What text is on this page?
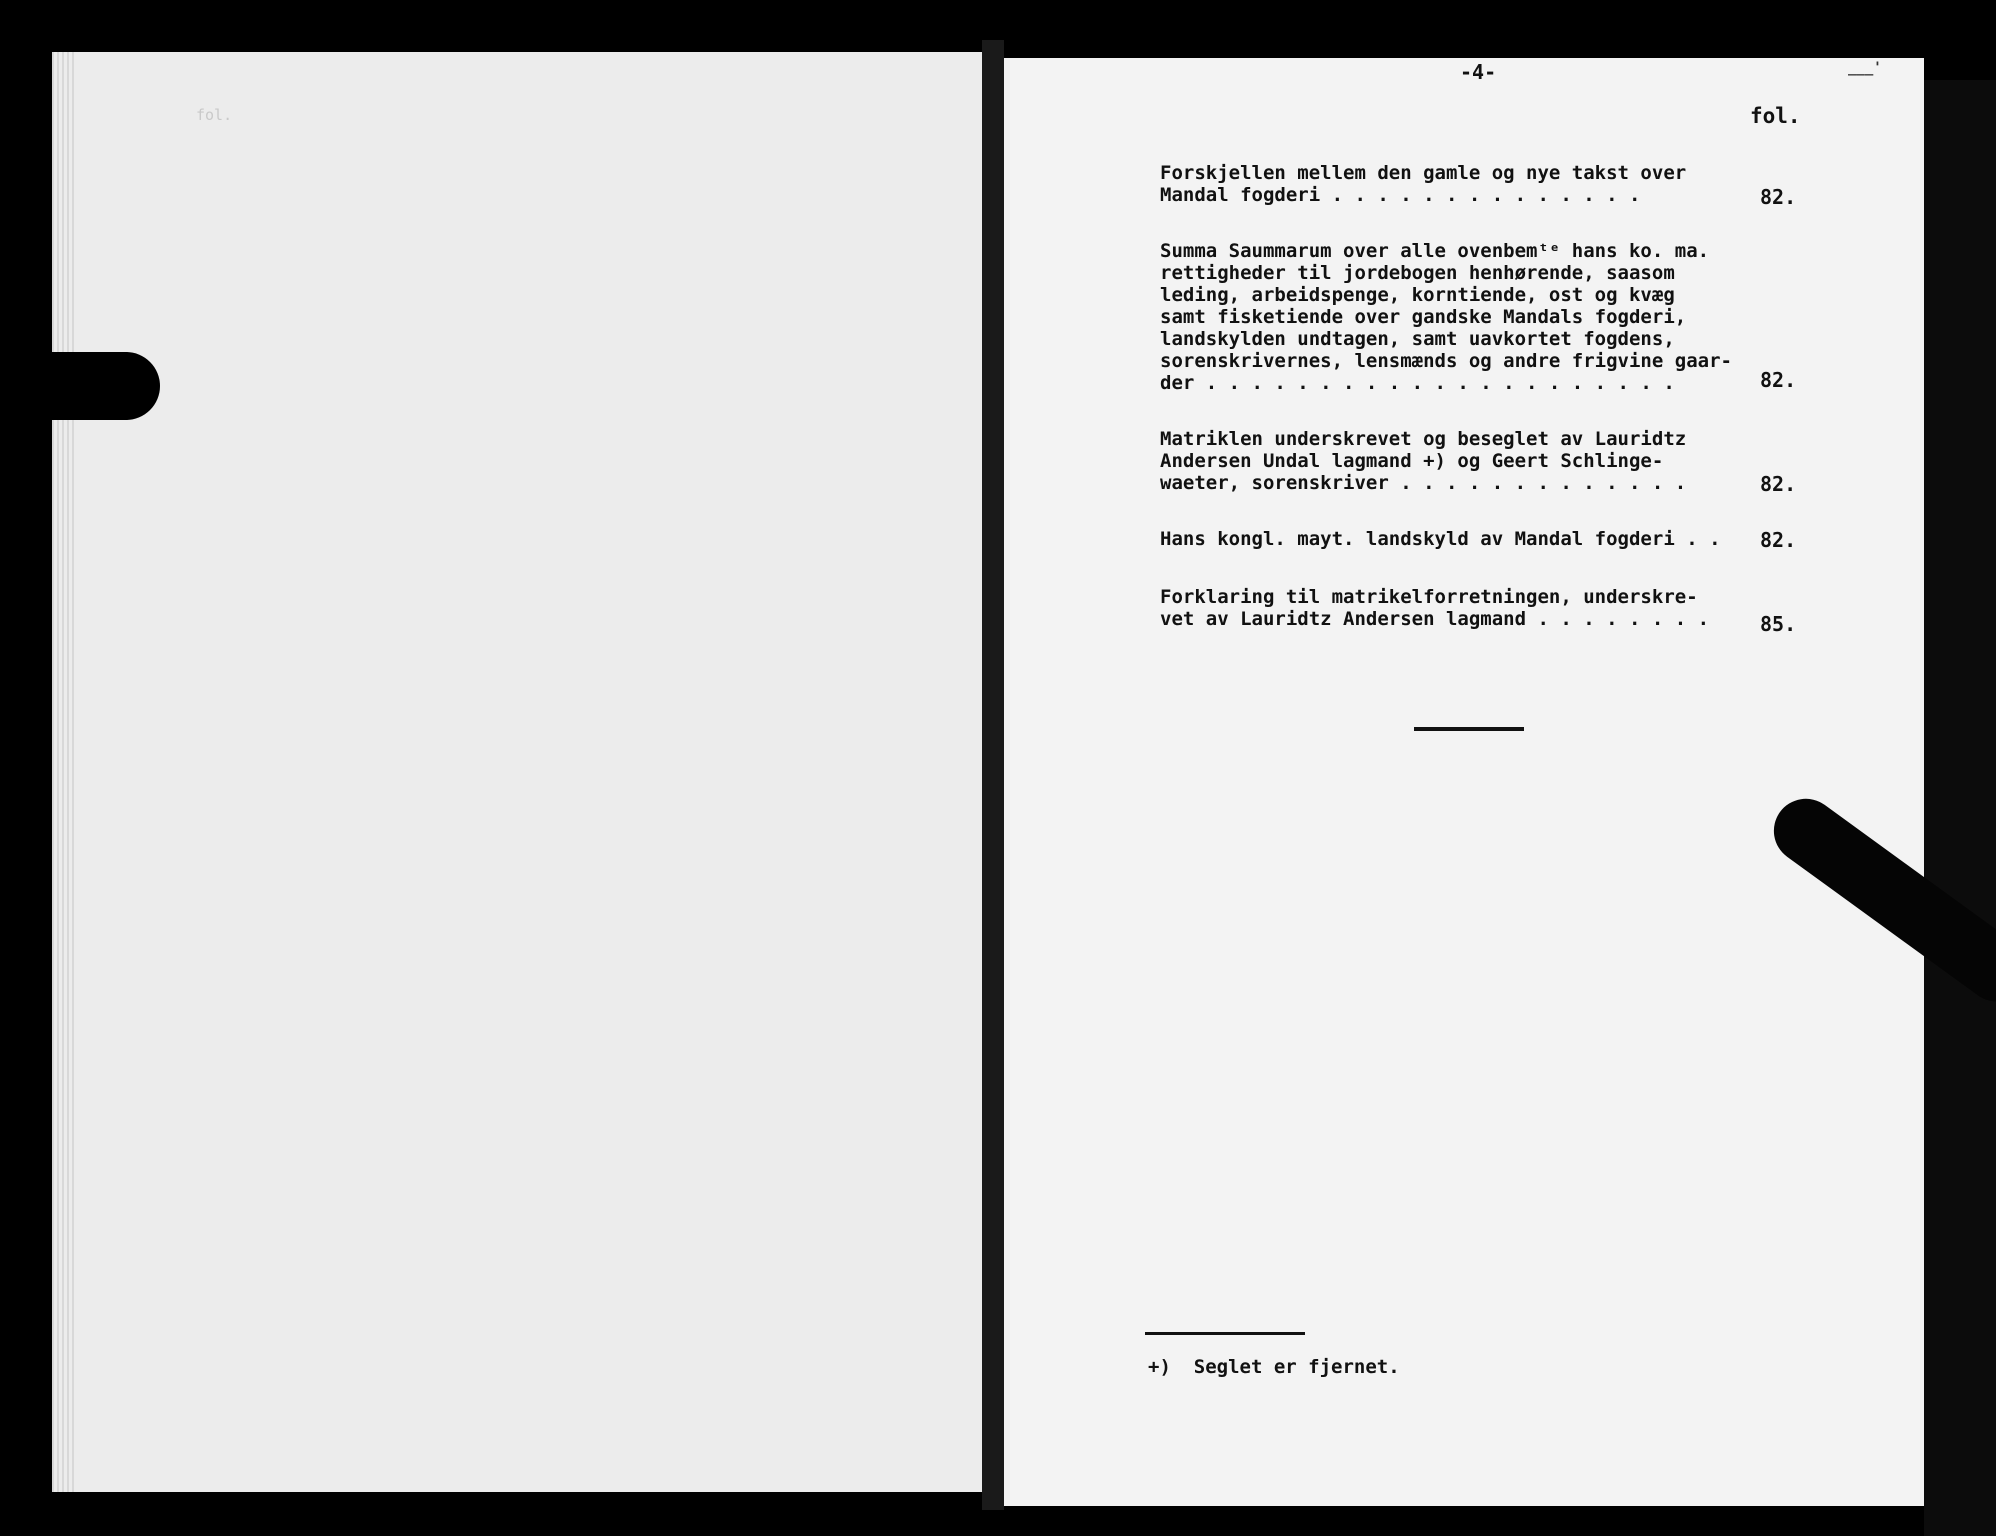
fol.
___'
-4-
fol.
Forskjellen mellem den gamle og nye takst over
Mandal fogderi . . . . . . . . . . . . . .	82.
Summa Saummarum over alle ovenbemᵗᵉ hans ko. ma.
rettigheder til jordebogen henhørende, saasom
leding, arbeidspenge, korntiende, ost og kvæg
samt fisketiende over gandske Mandals fogderi,
landskylden undtagen, samt uavkortet fogdens,
sorenskrivernes, lensmænds og andre frigvine gaar-
der . . . . . . . . . . . . . . . . . . . . .	82.
Matriklen underskrevet og beseglet av Lauridtz
Andersen Undal lagmand +) og Geert Schlinge-
waeter, sorenskriver . . . . . . . . . . . . .	82.
Hans kongl. mayt. landskyld av Mandal fogderi . . 82.
Forklaring til matrikelforretningen, underskre-
vet av Lauridtz Andersen lagmand . . . . . . . .	85.
+)  Seglet er fjernet.
